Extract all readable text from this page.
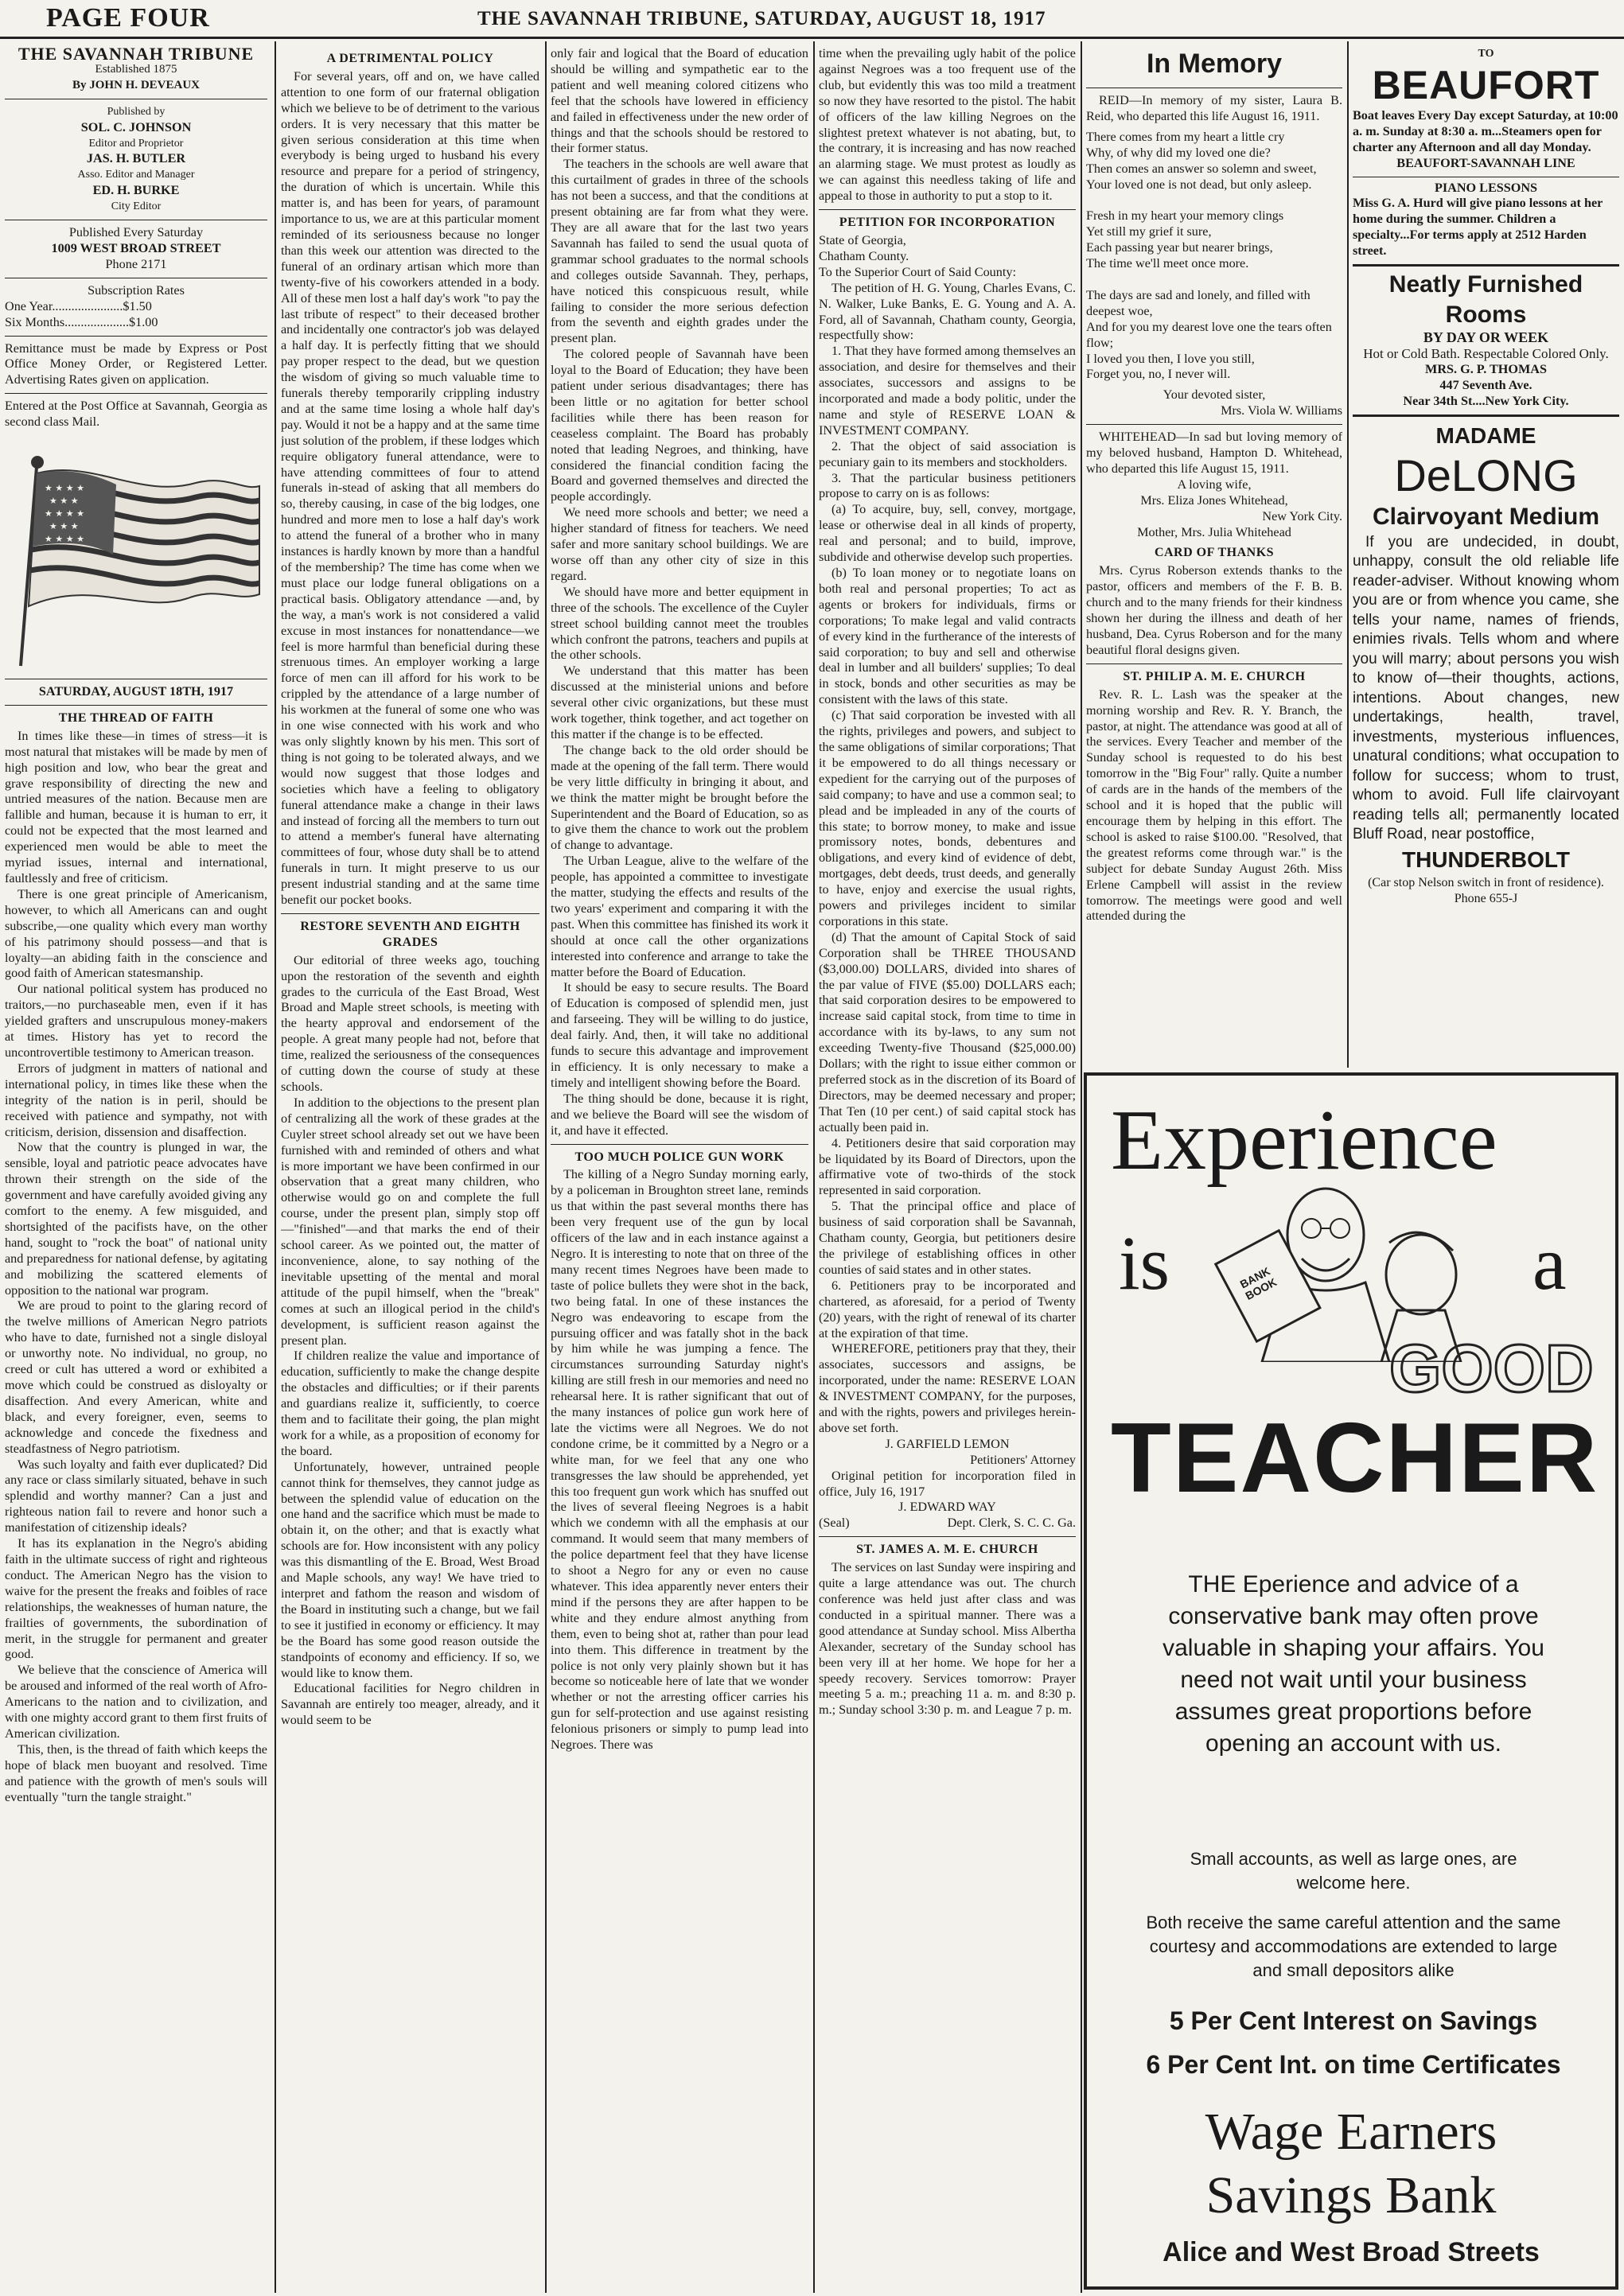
PAGE FOUR	THE SAVANNAH TRIBUNE, SATURDAY, AUGUST 18, 1917
THE SAVANNAH TRIBUNE
Established 1875
By JOHN H. DEVEAUX
Published by
SOL. C. JOHNSON
Editor and Proprietor
JAS. H. BUTLER
Asso. Editor and Manager
ED. H. BURKE
City Editor
Published Every Saturday
1009 WEST BROAD STREET
Phone 2171
Subscription Rates
One Year......................$1.50
Six Months....................$1.00

Remittance must be made by Express or Post Office Money Order, or Registered Letter. Advertising Rates given on application.

Entered at the Post Office at Savannah, Georgia as second class Mail.

★ ★ ★ ★
★ ★ ★
★ ★ ★ ★
★ ★ ★
★ ★ ★ ★
SATURDAY, AUGUST 18TH, 1917
THE THREAD OF FAITH

In times like these—in times of stress—it is most natural that mistakes will be made by men of high position and low, who bear the great and grave responsibility of directing the new and untried measures of the nation. Because men are fallible and human, because it is human to err, it could not be expected that the most learned and experienced men would be able to meet the myriad issues, internal and international, faultlessly and free of criticism.

There is one great principle of Americanism, however, to which all Americans can and ought subscribe,—one quality which every man worthy of his patrimony should possess—and that is loyalty—an abiding faith in the conscience and good faith of American statesmanship.

Our national political system has produced no traitors,—no purchaseable men, even if it has yielded grafters and unscrupulous money-makers at times. History has yet to record the uncontrovertible testimony to American treason.

Errors of judgment in matters of national and international policy, in times like these when the integrity of the nation is in peril, should be received with patience and sympathy, not with criticism, derision, dissension and disaffection.

Now that the country is plunged in war, the sensible, loyal and patriotic peace advocates have thrown their strength on the side of the government and have carefully avoided giving any comfort to the enemy. A few misguided, and shortsighted of the pacifists have, on the other hand, sought to "rock the boat" of national unity and preparedness for national defense, by agitating and mobilizing the scattered elements of opposition to the national war program.

We are proud to point to the glaring record of the twelve millions of American Negro patriots who have to date, furnished not a single disloyal or unworthy note. No individual, no group, no creed or cult has uttered a word or exhibited a move which could be construed as disloyalty or disaffection. And every American, white and black, and every foreigner, even, seems to acknowledge and concede the fixedness and steadfastness of Negro patriotism.

Was such loyalty and faith ever duplicated? Did any race or class similarly situated, behave in such splendid and worthy manner? Can a just and righteous nation fail to revere and honor such a manifestation of citizenship ideals?

It has its explanation in the Negro's abiding faith in the ultimate success of right and righteous conduct. The American Negro has the vision to waive for the present the freaks and foibles of race relationships, the weaknesses of human nature, the frailties of governments, the subordination of merit, in the struggle for permanent and greater good.

We believe that the conscience of America will be aroused and informed of the real worth of Afro-Americans to the nation and to civilization, and with one mighty accord grant to them first fruits of American civilization.

This, then, is the thread of faith which keeps the hope of black men buoyant and resolved. Time and patience with the growth of men's souls will eventually "turn the tangle straight."

A DETRIMENTAL POLICY

For several years, off and on, we have called attention to one form of our fraternal obligation which we believe to be of detriment to the various orders. It is very necessary that this matter be given serious consideration at this time when everybody is being urged to husband his every resource and prepare for a period of stringency, the duration of which is uncertain. While this matter is, and has been for years, of paramount importance to us, we are at this particular moment reminded of its seriousness because no longer than this week our attention was directed to the funeral of an ordinary artisan which more than twenty-five of his coworkers attended in a body. All of these men lost a half day's work "to pay the last tribute of respect" to their deceased brother and incidentally one contractor's job was delayed a half day. It is perfectly fitting that we should pay proper respect to the dead, but we question the wisdom of giving so much valuable time to funerals thereby temporarily crippling industry and at the same time losing a whole half day's pay. Would it not be a happy and at the same time just solution of the problem, if these lodges which require obligatory funeral attendance, were to have attending committees of four to attend funerals in-stead of asking that all members do so, thereby causing, in case of the big lodges, one hundred and more men to lose a half day's work to attend the funeral of a brother who in many instances is hardly known by more than a handful of the membership? The time has come when we must place our lodge funeral obligations on a practical basis. Obligatory attendance —and, by the way, a man's work is not considered a valid excuse in most instances for nonattendance—we feel is more harmful than beneficial during these strenuous times. An employer working a large force of men can ill afford for his work to be crippled by the attendance of a large number of his workmen at the funeral of some one who was in one wise connected with his work and who was only slightly known by his men. This sort of thing is not going to be tolerated always, and we would now suggest that those lodges and societies which have a feeling to obligatory funeral attendance make a change in their laws and instead of forcing all the members to turn out to attend a member's funeral have alternating committees of four, whose duty shall be to attend funerals in turn. It might preserve to us our present industrial standing and at the same time benefit our pocket books.

RESTORE SEVENTH AND EIGHTH GRADES

Our editorial of three weeks ago, touching upon the restoration of the seventh and eighth grades to the curricula of the East Broad, West Broad and Maple street schools, is meeting with the hearty approval and endorsement of the people. A great many people had not, before that time, realized the seriousness of the consequences of cutting down the course of study at these schools.

In addition to the objections to the present plan of centralizing all the work of these grades at the Cuyler street school already set out we have been furnished with and reminded of others and what is more important we have been confirmed in our observation that a great many children, who otherwise would go on and complete the full course, under the present plan, simply stop off—"finished"—and that marks the end of their school career. As we pointed out, the matter of inconvenience, alone, to say nothing of the inevitable upsetting of the mental and moral attitude of the pupil himself, when the "break" comes at such an illogical period in the child's development, is sufficient reason against the present plan.

If children realize the value and importance of education, sufficiently to make the change despite the obstacles and difficulties; or if their parents and guardians realize it, sufficiently, to coerce them and to facilitate their going, the plan might work for a while, as a proposition of economy for the board.

Unfortunately, however, untrained people cannot think for themselves, they cannot judge as between the splendid value of education on the one hand and the sacrifice which must be made to obtain it, on the other; and that is exactly what schools are for. How inconsistent with any policy was this dismantling of the E. Broad, West Broad and Maple schools, any way! We have tried to interpret and fathom the reason and wisdom of the Board in instituting such a change, but we fail to see it justified in economy or efficiency. It may be the Board has some good reason outside the standpoints of economy and efficiency. If so, we would like to know them.

Educational facilities for Negro children in Savannah are entirely too meager, already, and it would seem to be

only fair and logical that the Board of education should be willing and sympathetic ear to the patient and well meaning colored citizens who feel that the schools have lowered in efficiency and failed in effectiveness under the new order of things and that the schools should be restored to their former status.

The teachers in the schools are well aware that this curtailment of grades in three of the schools has not been a success, and that the conditions at present obtaining are far from what they were. They are all aware that for the last two years Savannah has failed to send the usual quota of grammar school graduates to the normal schools and colleges outside Savannah. They, perhaps, have noticed this conspicuous result, while failing to consider the more serious defection from the seventh and eighth grades under the present plan.

The colored people of Savannah have been loyal to the Board of Education; they have been patient under serious disadvantages; there has been little or no agitation for better school facilities while there has been reason for ceaseless complaint. The Board has probably noted that leading Negroes, and thinking, have considered the financial condition facing the Board and governed themselves and directed the people accordingly.

We need more schools and better; we need a higher standard of fitness for teachers. We need safer and more sanitary school buildings. We are worse off than any other city of size in this regard.

We should have more and better equipment in three of the schools. The excellence of the Cuyler street school building cannot meet the troubles which confront the patrons, teachers and pupils at the other schools.

We understand that this matter has been discussed at the ministerial unions and before several other civic organizations, but these must work together, think together, and act together on this matter if the change is to be effected.

The change back to the old order should be made at the opening of the fall term. There would be very little difficulty in bringing it about, and we think the matter might be brought before the Superintendent and the Board of Education, so as to give them the chance to work out the problem of change to advantage.

The Urban League, alive to the welfare of the people, has appointed a committee to investigate the matter, studying the effects and results of the two years' experiment and comparing it with the past. When this committee has finished its work it should at once call the other organizations interested into conference and arrange to take the matter before the Board of Education.

It should be easy to secure results. The Board of Education is composed of splendid men, just and farseeing. They will be willing to do justice, deal fairly. And, then, it will take no additional funds to secure this advantage and improvement in efficiency. It is only necessary to make a timely and intelligent showing before the Board.

The thing should be done, because it is right, and we believe the Board will see the wisdom of it, and have it effected.

TOO MUCH POLICE GUN WORK

The killing of a Negro Sunday morning early, by a policeman in Broughton street lane, reminds us that within the past several months there has been very frequent use of the gun by local officers of the law and in each instance against a Negro. It is interesting to note that on three of the many recent times Negroes have been made to taste of police bullets they were shot in the back, two being fatal. In one of these instances the Negro was endeavoring to escape from the pursuing officer and was fatally shot in the back by him while he was jumping a fence. The circumstances surrounding Saturday night's killing are still fresh in our memories and need no rehearsal here. It is rather significant that out of the many instances of police gun work here of late the victims were all Negroes. We do not condone crime, be it committed by a Negro or a white man, for we feel that any one who transgresses the law should be apprehended, yet this too frequent gun work which has snuffed out the lives of several fleeing Negroes is a habit which we condemn with all the emphasis at our command. It would seem that many members of the police department feel that they have license to shoot a Negro for any or even no cause whatever. This idea apparently never enters their mind if the persons they are after happen to be white and they endure almost anything from them, even to being shot at, rather than pour lead into them. This difference in treatment by the police is not only very plainly shown but it has become so noticeable here of late that we wonder whether or not the arresting officer carries his gun for self-protection and use against resisting felonious prisoners or simply to pump lead into Negroes. There was

time when the prevailing ugly habit of the police against Negroes was a too frequent use of the club, but evidently this was too mild a treatment so now they have resorted to the pistol. The habit of officers of the law killing Negroes on the slightest pretext whatever is not abating, but, to the contrary, it is increasing and has now reached an alarming stage. We must protest as loudly as we can against this needless taking of life and appeal to those in authority to put a stop to it.

PETITION FOR INCORPORATION
State of Georgia,
Chatham County.
To the Superior Court of Said County:

The petition of H. G. Young, Charles Evans, C. N. Walker, Luke Banks, E. G. Young and A. A. Ford, all of Savannah, Chatham county, Georgia, respectfully show:

1. That they have formed among themselves an association, and desire for themselves and their associates, successors and assigns to be incorporated and made a body politic, under the name and style of RESERVE LOAN & INVESTMENT COMPANY.

2. That the object of said association is pecuniary gain to its members and stockholders.

3. That the particular business petitioners propose to carry on is as follows:

(a) To acquire, buy, sell, convey, mortgage, lease or otherwise deal in all kinds of property, real and personal; and to build, improve, subdivide and otherwise develop such properties.

(b) To loan money or to negotiate loans on both real and personal properties; To act as agents or brokers for individuals, firms or corporations; To make legal and valid contracts of every kind in the furtherance of the interests of said corporation; to buy and sell and otherwise deal in lumber and all builders' supplies; To deal in stock, bonds and other securities as may be consistent with the laws of this state.

(c) That said corporation be invested with all the rights, privileges and powers, and subject to the same obligations of similar corporations; That it be empowered to do all things necessary or expedient for the carrying out of the purposes of said company; to have and use a common seal; to plead and be impleaded in any of the courts of this state; to borrow money, to make and issue promissory notes, bonds, debentures and obligations, and every kind of evidence of debt, mortgages, debt deeds, trust deeds, and generally to have, enjoy and exercise the usual rights, powers and privileges incident to similar corporations in this state.

(d) That the amount of Capital Stock of said Corporation shall be THREE THOUSAND ($3,000.00) DOLLARS, divided into shares of the par value of FIVE ($5.00) DOLLARS each; that said corporation desires to be empowered to increase said capital stock, from time to time in accordance with its by-laws, to any sum not exceeding Twenty-five Thousand ($25,000.00) Dollars; with the right to issue either common or preferred stock as in the discretion of its Board of Directors, may be deemed necessary and proper; That Ten (10 per cent.) of said capital stock has actually been paid in.

4. Petitioners desire that said corporation may be liquidated by its Board of Directors, upon the affirmative vote of two-thirds of the stock represented in said corporation.

5. That the principal office and place of business of said corporation shall be Savannah, Chatham county, Georgia, but petitioners desire the privilege of establishing offices in other counties of said states and in other states.

6. Petitioners pray to be incorporated and chartered, as aforesaid, for a period of Twenty (20) years, with the right of renewal of its charter at the expiration of that time.

WHEREFORE, petitioners pray that they, their associates, successors and assigns, be incorporated, under the name: RESERVE LOAN & INVESTMENT COMPANY, for the purposes, and with the rights, powers and privileges herein-above set forth.

J. GARFIELD LEMON
Petitioners' Attorney

Original petition for incorporation filed in office, July 16, 1917

J. EDWARD WAY
(Seal)	Dept. Clerk, S. C. C. Ga.
ST. JAMES A. M. E. CHURCH

The services on last Sunday were inspiring and quite a large attendance was out. The church conference was held just after class and was conducted in a spiritual manner. There was a good attendance at Sunday school. Miss Albertha Alexander, secretary of the Sunday school has been very ill at her home. We hope for her a speedy recovery. Services tomorrow: Prayer meeting 5 a. m.; preaching 11 a. m. and 8:30 p. m.; Sunday school 3:30 p. m. and League 7 p. m.

In Memory

REID—In memory of my sister, Laura B. Reid, who departed this life August 16, 1911.

There comes from my heart a little cry
Why, of why did my loved one die?
Then comes an answer so solemn and sweet,
Your loved one is not dead, but only asleep.

Fresh in my heart your memory clings
Yet still my grief it sure,
Each passing year but nearer brings,
The time we'll meet once more.

The days are sad and lonely, and filled with deepest woe,
And for you my dearest love one the tears often flow;
I loved you then, I love you still,
Forget you, no, I never will.
Your devoted sister,
Mrs. Viola W. Williams

WHITEHEAD—In sad but loving memory of my beloved husband, Hampton D. Whitehead, who departed this life August 15, 1911.

A loving wife,
Mrs. Eliza Jones Whitehead,
New York City.
Mother, Mrs. Julia Whitehead
CARD OF THANKS

Mrs. Cyrus Roberson extends thanks to the pastor, officers and members of the F. B. B. church and to the many friends for their kindness shown her during the illness and death of her husband, Dea. Cyrus Roberson and for the many beautiful floral designs given.

ST. PHILIP A. M. E. CHURCH

Rev. R. L. Lash was the speaker at the morning worship and Rev. R. Y. Branch, the pastor, at night. The attendance was good at all of the services. Every Teacher and member of the Sunday school is requested to do his best tomorrow in the "Big Four" rally. Quite a number of cards are in the hands of the members of the school and it is hoped that the public will encourage them by helping in this effort. The school is asked to raise $100.00. "Resolved, that the greatest reforms come through war." is the subject for debate Sunday August 26th. Miss Erlene Campbell will assist in the review tomorrow. The meetings were good and well attended during the

TO
BEAUFORT

Boat leaves Every Day except Saturday, at 10:00 a. m. Sunday at 8:30 a. m...Steamers open for charter any Afternoon and all day Monday.

BEAUFORT-SAVANNAH LINE
PIANO LESSONS

Miss G. A. Hurd will give piano lessons at her home during the summer. Children a specialty...For terms apply at 2512 Harden street.

Neatly Furnished Rooms
BY DAY OR WEEK
Hot or Cold Bath. Respectable Colored Only.
MRS. G. P. THOMAS
447 Seventh Ave.
Near 34th St....New York City.
MADAME
DeLONG
Clairvoyant Medium

If you are undecided, in doubt, unhappy, consult the old reliable life reader-adviser. Without knowing whom you are or from whence you came, she tells your name, names of friends, enimies rivals. Tells whom and where you will marry; about persons you wish to know of—their thoughts, actions, intentions. About changes, new undertakings, health, travel, investments, mysterious influences, unatural conditions; what occupation to follow for success; whom to trust, whom to avoid. Full life clairvoyant reading tells all; permanently located Bluff Road, near postoffice,

THUNDERBOLT
(Car stop Nelson switch in front of residence). Phone 655-J
Experience
is	a
GOOD
TEACHER
BANK BOOK
THE Eperience and advice of a conservative bank may often prove valuable in shaping your affairs. You need not wait until your business assumes great proportions before opening an account with us.
Small accounts, as well as large ones, are welcome here.
Both receive the same careful attention and the same courtesy and accommodations are extended to large and small depositors alike
5 Per Cent Interest on Savings
6 Per Cent Int. on time Certificates
Wage Earners
Savings Bank
Alice and West Broad Streets
